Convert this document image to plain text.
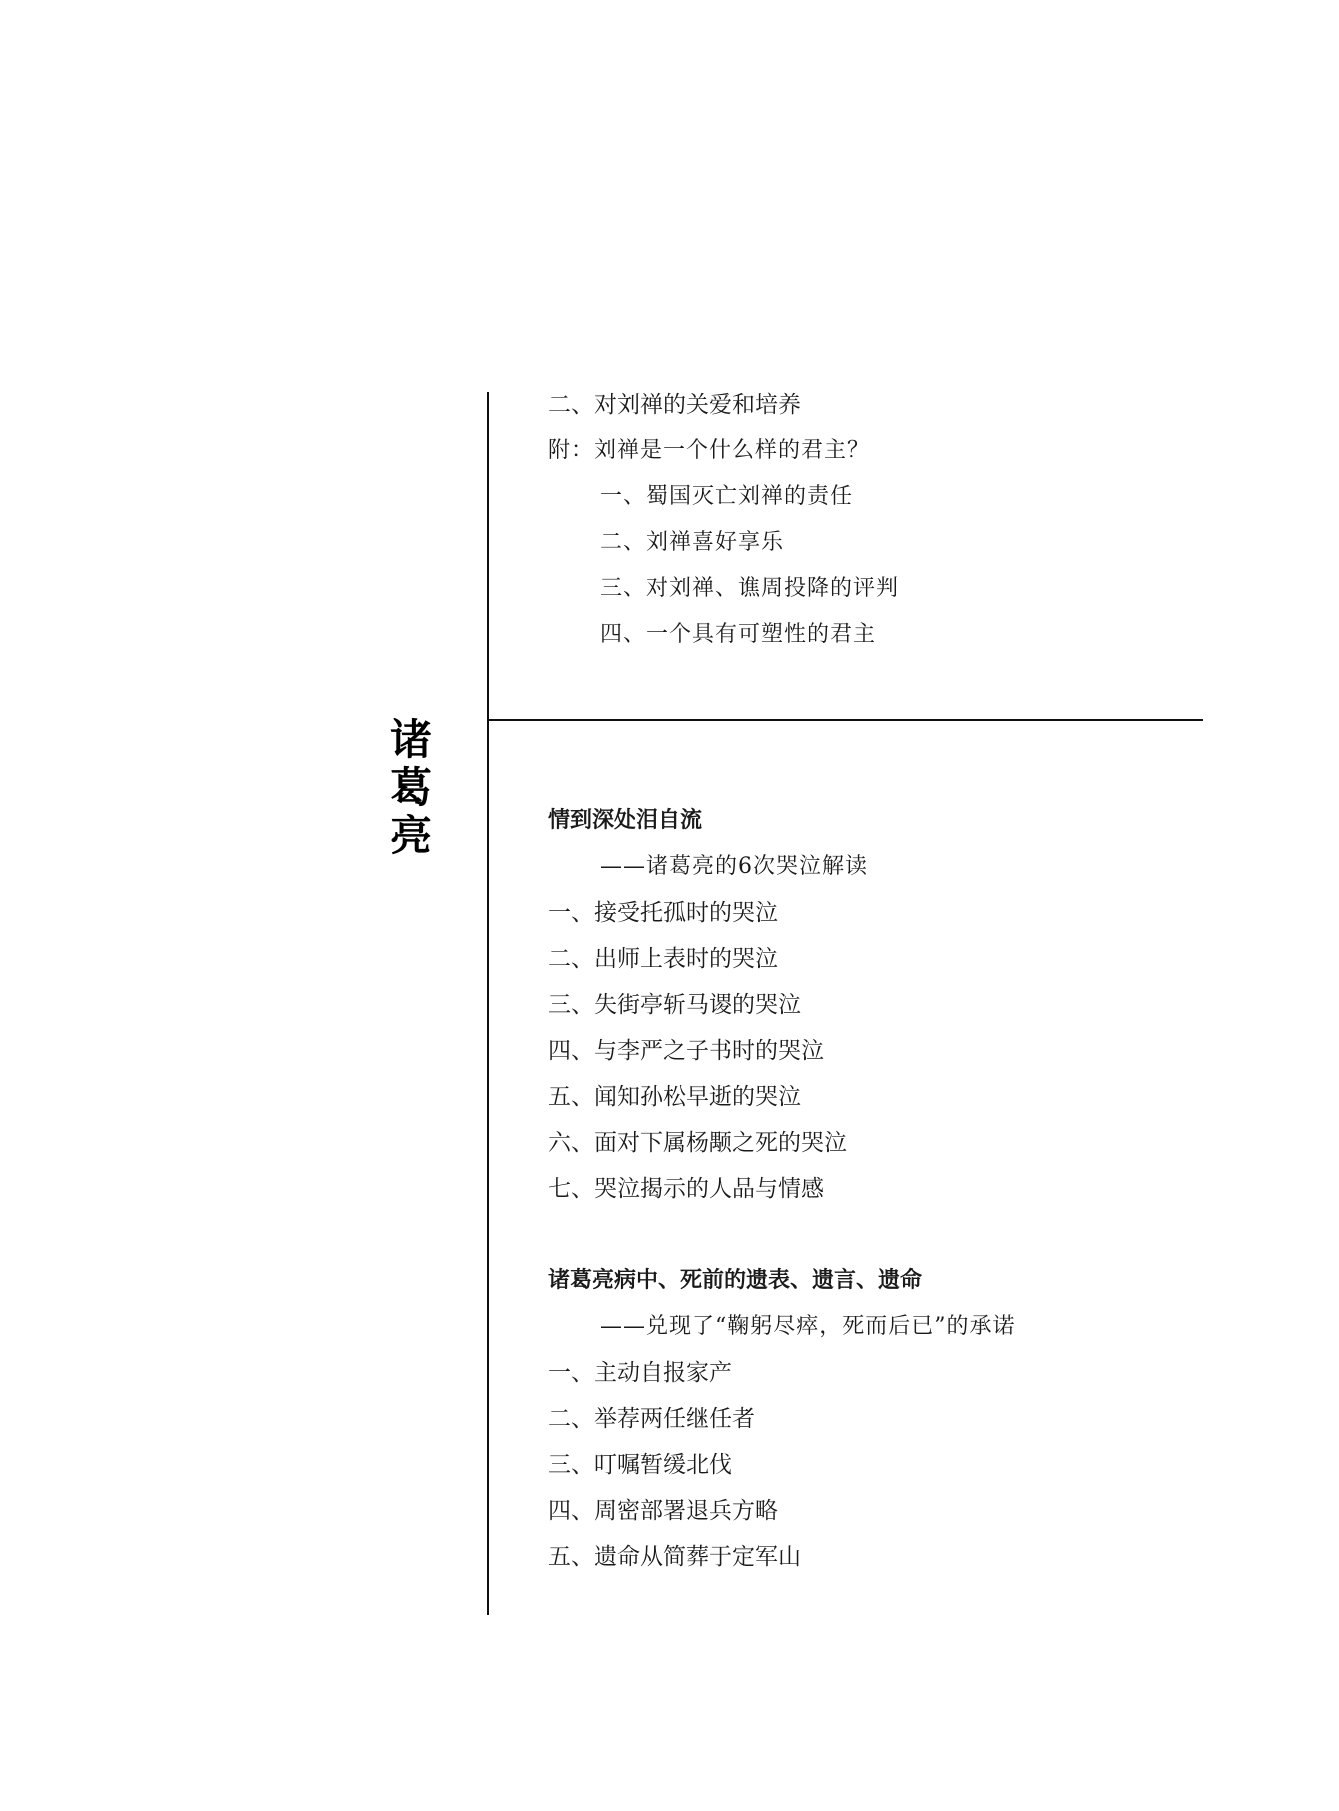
诸
葛
亮
二、对刘禅的关爱和培养
附：刘禅是一个什么样的君主？
一、蜀国灭亡刘禅的责任
二、刘禅喜好享乐
三、对刘禅、谯周投降的评判
四、一个具有可塑性的君主
情到深处泪自流
——诸葛亮的6次哭泣解读
一、接受托孤时的哭泣
二、出师上表时的哭泣
三、失街亭斩马谡的哭泣
四、与李严之子书时的哭泣
五、闻知孙松早逝的哭泣
六、面对下属杨颙之死的哭泣
七、哭泣揭示的人品与情感
诸葛亮病中、死前的遗表、遗言、遗命
——兑现了“鞠躬尽瘁，死而后已”的承诺
一、主动自报家产
二、举荐两任继任者
三、叮嘱暂缓北伐
四、周密部署退兵方略
五、遗命从简葬于定军山
